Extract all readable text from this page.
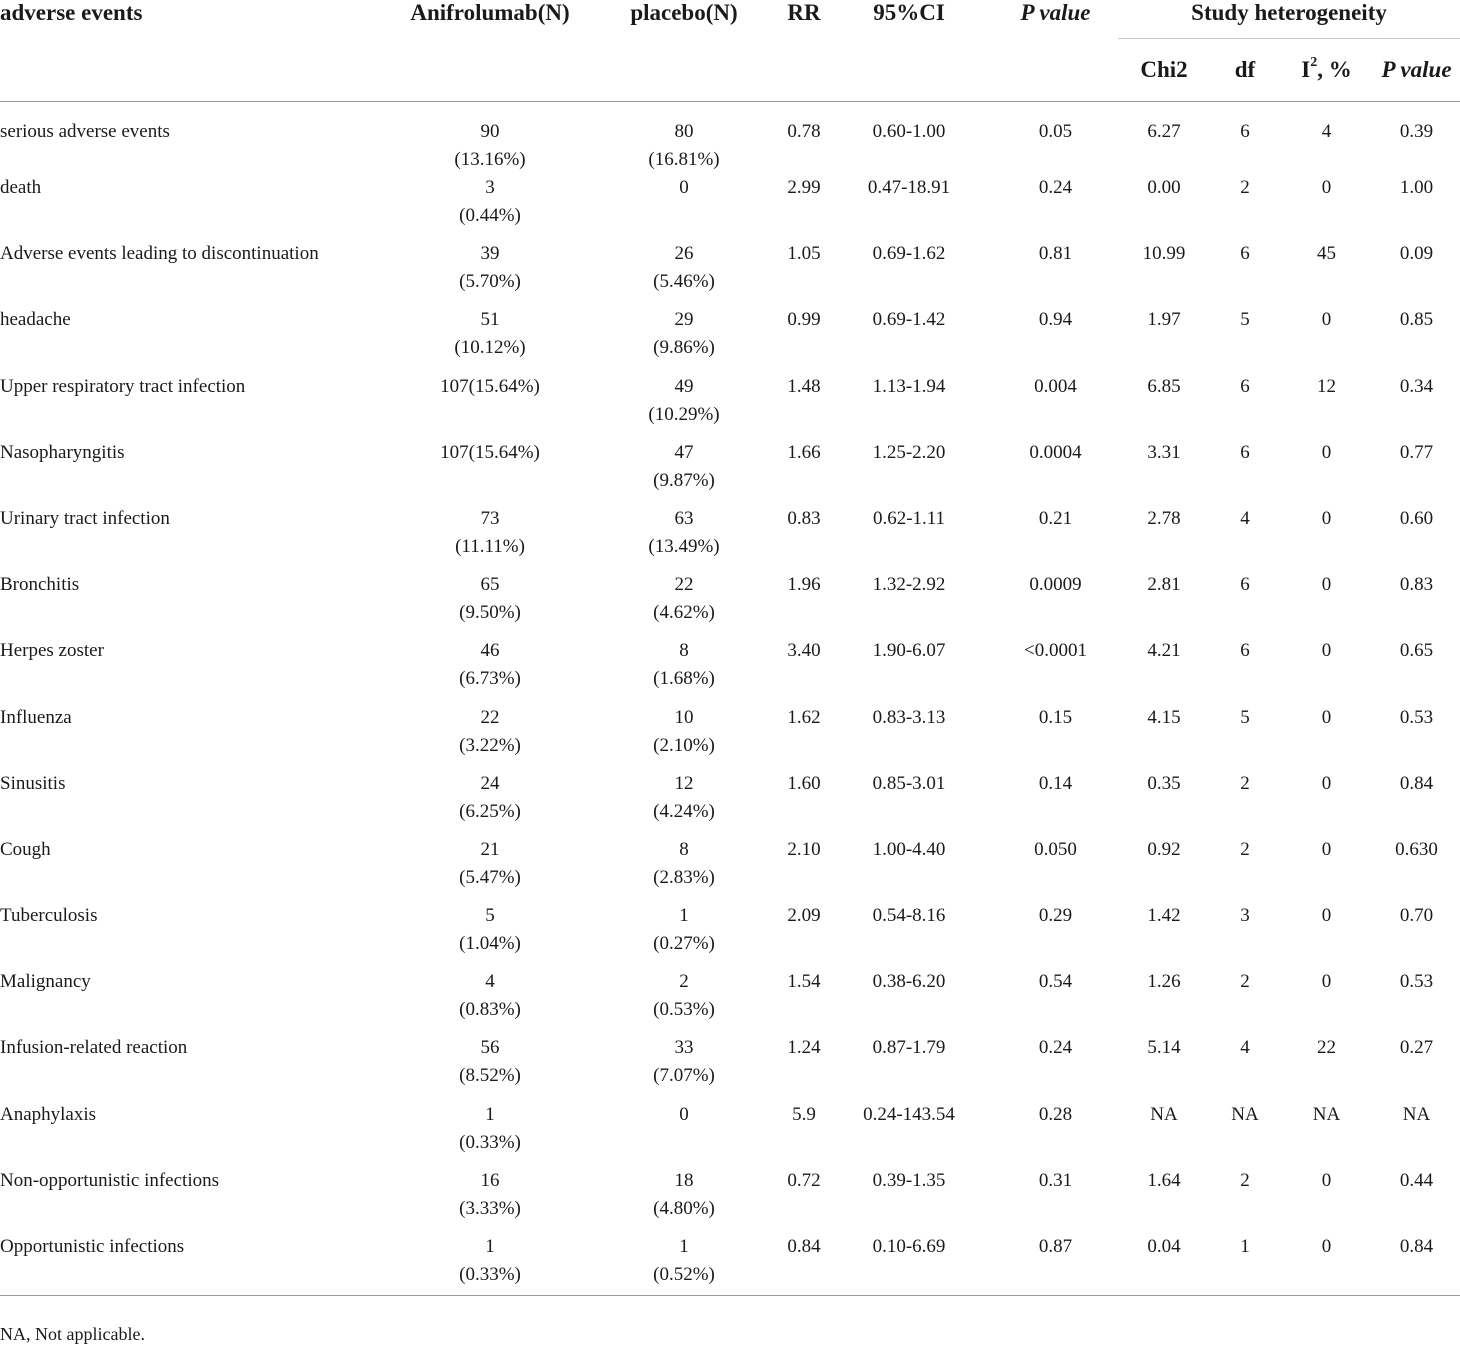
adverse events	Anifrolumab(N)	placebo(N)	RR	95%CI	P value	Study heterogeneity			
						Chi2	df	$I^2$, %	P value

serious adverse events	90
(13.16%)	80
(16.81%)	0.78	0.60-1.00	0.05	6.27	6	4	0.39

death	3
(0.44%)	0	2.99	0.47-18.91	0.24	0.00	2	0	1.00

Adverse events leading to discontinuation	39
(5.70%)	26
(5.46%)	1.05	0.69-1.62	0.81	10.99	6	45	0.09

headache	51
(10.12%)	29
(9.86%)	0.99	0.69-1.42	0.94	1.97	5	0	0.85

Upper respiratory tract infection	107(15.64%)	49
(10.29%)	1.48	1.13-1.94	0.004	6.85	6	12	0.34

Nasopharyngitis	107(15.64%)	47
(9.87%)	1.66	1.25-2.20	0.0004	3.31	6	0	0.77

Urinary tract infection	73
(11.11%)	63
(13.49%)	0.83	0.62-1.11	0.21	2.78	4	0	0.60

Bronchitis	65
(9.50%)	22
(4.62%)	1.96	1.32-2.92	0.0009	2.81	6	0	0.83

Herpes zoster	46
(6.73%)	8
(1.68%)	3.40	1.90-6.07	<0.0001	4.21	6	0	0.65

Influenza	22
(3.22%)	10
(2.10%)	1.62	0.83-3.13	0.15	4.15	5	0	0.53

Sinusitis	24
(6.25%)	12
(4.24%)	1.60	0.85-3.01	0.14	0.35	2	0	0.84

Cough	21
(5.47%)	8
(2.83%)	2.10	1.00-4.40	0.050	0.92	2	0	0.630

Tuberculosis	5
(1.04%)	1
(0.27%)	2.09	0.54-8.16	0.29	1.42	3	0	0.70

Malignancy	4
(0.83%)	2
(0.53%)	1.54	0.38-6.20	0.54	1.26	2	0	0.53

Infusion-related reaction	56
(8.52%)	33
(7.07%)	1.24	0.87-1.79	0.24	5.14	4	22	0.27

Anaphylaxis	1
(0.33%)	0	5.9	0.24-143.54	0.28	NA	NA	NA	NA

Non-opportunistic infections	16
(3.33%)	18
(4.80%)	0.72	0.39-1.35	0.31	1.64	2	0	0.44

Opportunistic infections	1
(0.33%)	1
(0.52%)	0.84	0.10-6.69	0.87	0.04	1	0	0.84
NA, Not applicable.
